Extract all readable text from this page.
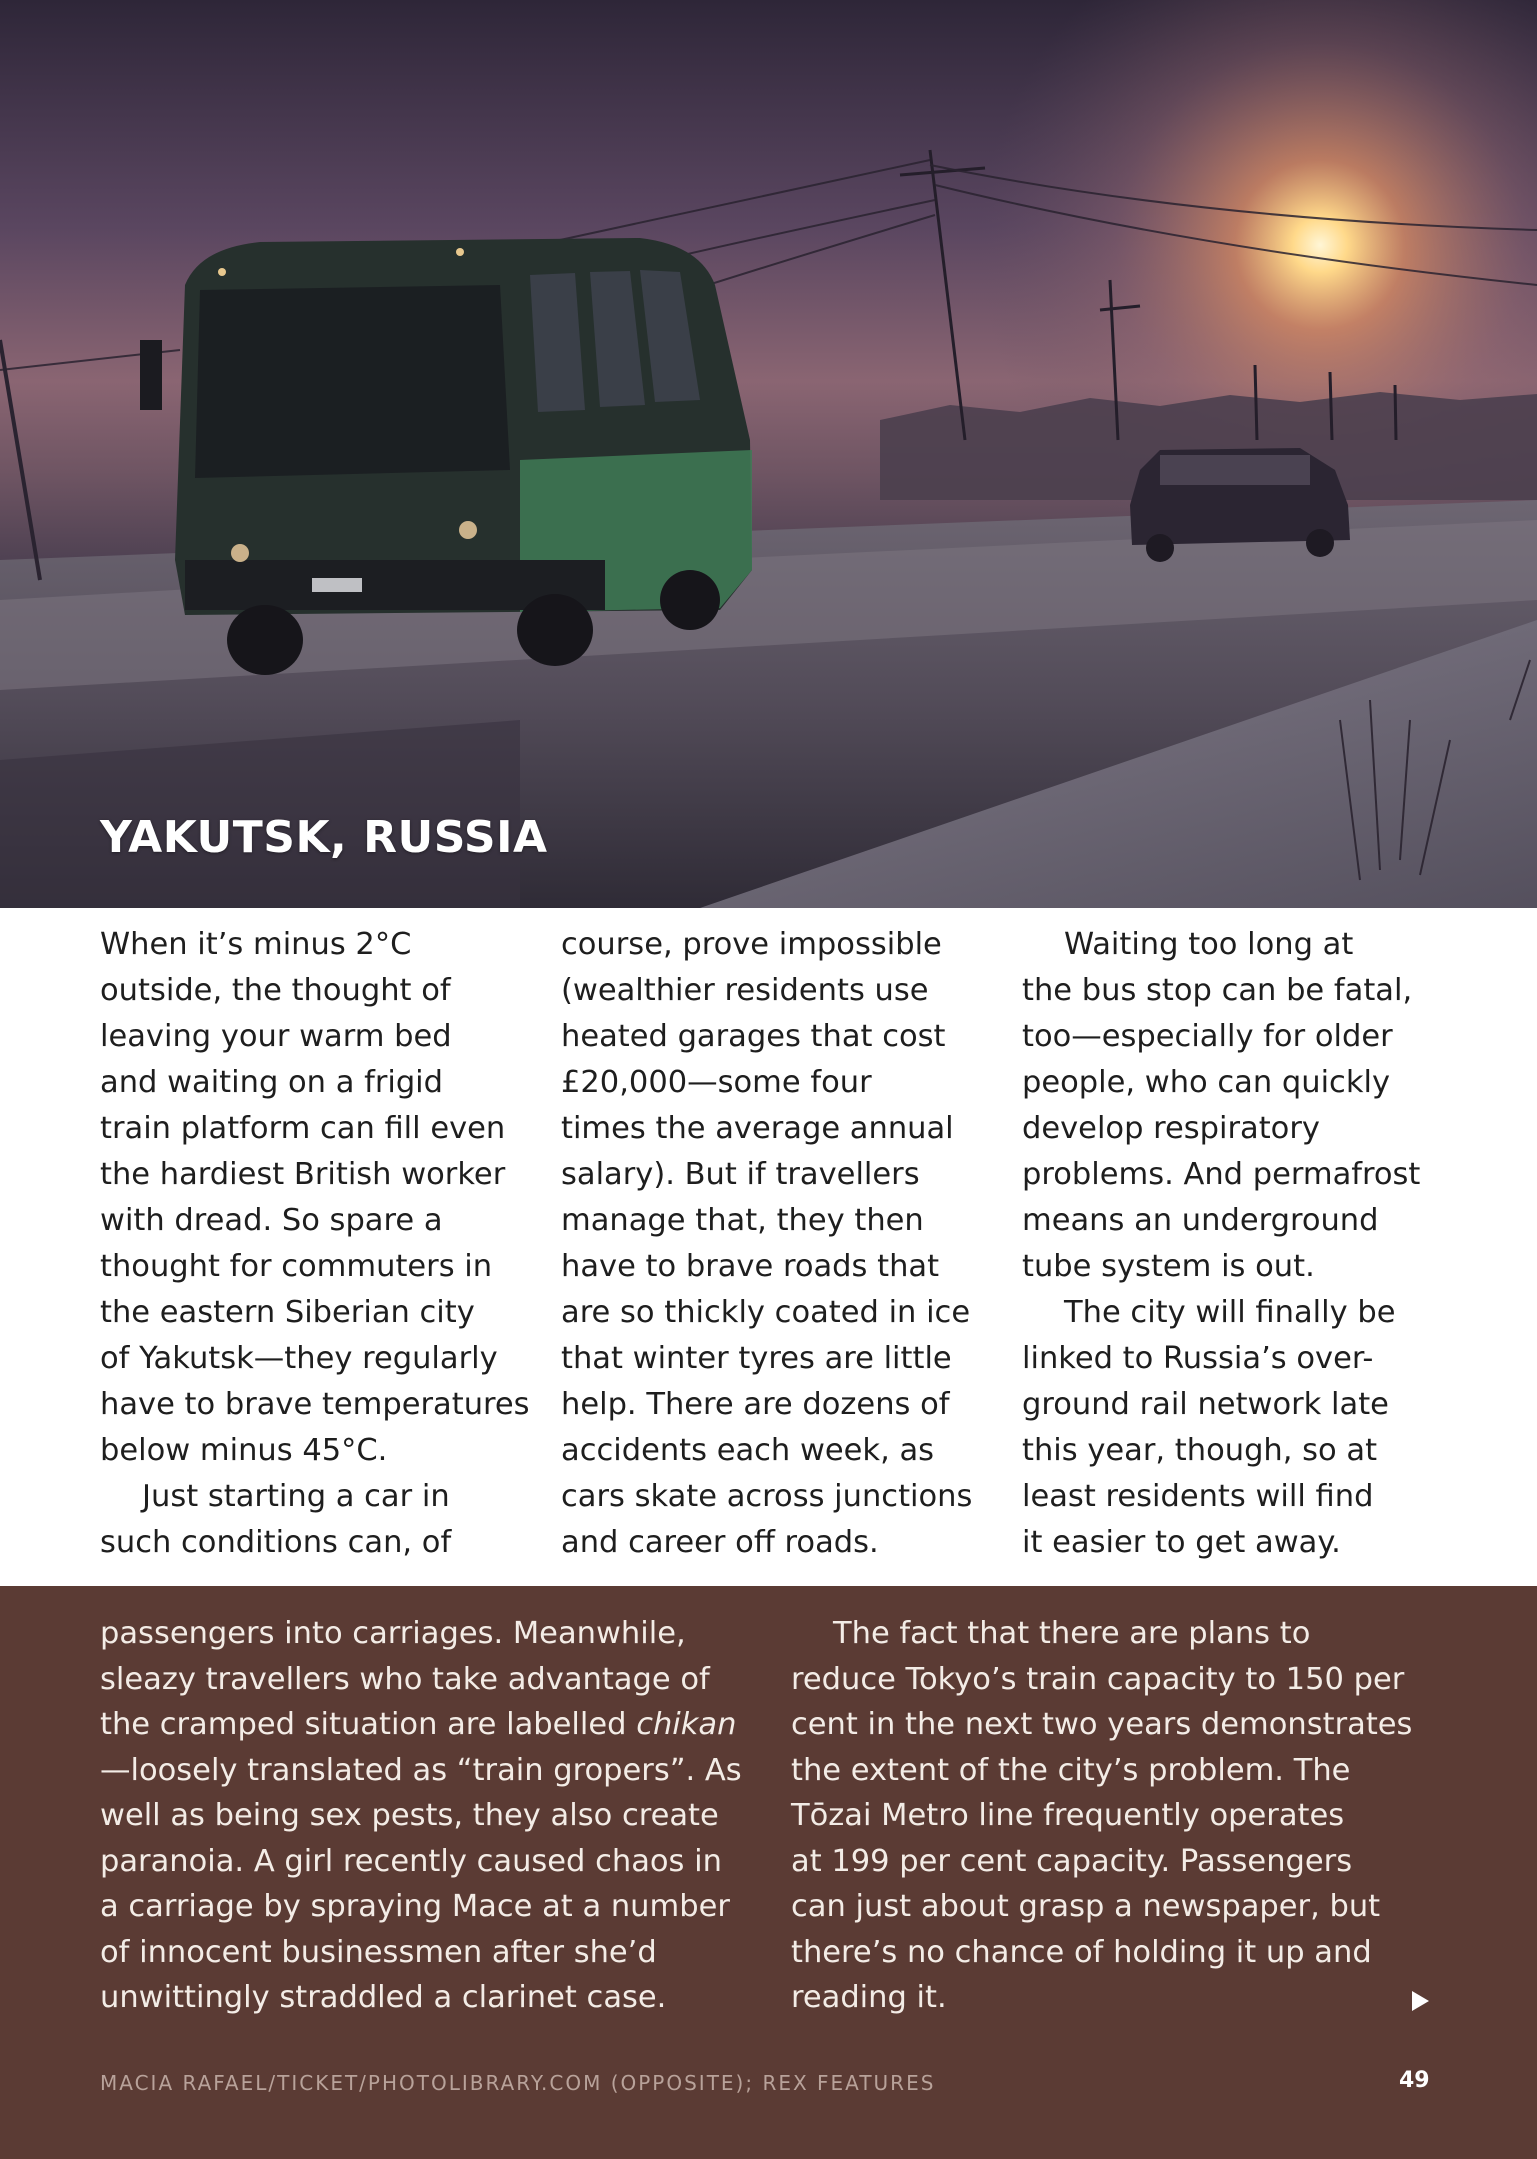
YAKUTSK, RUSSIA

When it’s minus 2°C
outside, the thought of
leaving your warm bed
and waiting on a frigid
train platform can fill even
the hardiest British worker
with dread. So spare a
thought for commuters in
the eastern Siberian city
of Yakutsk—they regularly
have to brave temperatures
below minus 45°C.

Just starting a car in
such conditions can, of

course, prove impossible
(wealthier residents use
heated garages that cost
£20,000—some four
times the average annual
salary). But if travellers
manage that, they then
have to brave roads that
are so thickly coated in ice
that winter tyres are little
help. There are dozens of
accidents each week, as
cars skate across junctions
and career off roads.

Waiting too long at
the bus stop can be fatal,
too—especially for older
people, who can quickly
develop respiratory
problems. And permafrost
means an underground
tube system is out.

The city will finally be
linked to Russia’s over-
ground rail network late
this year, though, so at
least residents will find
it easier to get away.

passengers into carriages. Meanwhile,
sleazy travellers who take advantage of
the cramped situation are labelled chikan
—loosely translated as “train gropers”. As
well as being sex pests, they also create
paranoia. A girl recently caused chaos in
a carriage by spraying Mace at a number
of innocent businessmen after she’d
unwittingly straddled a clarinet case.

The fact that there are plans to
reduce Tokyo’s train capacity to 150 per
cent in the next two years demonstrates
the extent of the city’s problem. The
Tōzai Metro line frequently operates
at 199 per cent capacity. Passengers
can just about grasp a newspaper, but
there’s no chance of holding it up and
reading it.

MACIA RAFAEL/TICKET/PHOTOLIBRARY.COM (OPPOSITE); REX FEATURES	49
